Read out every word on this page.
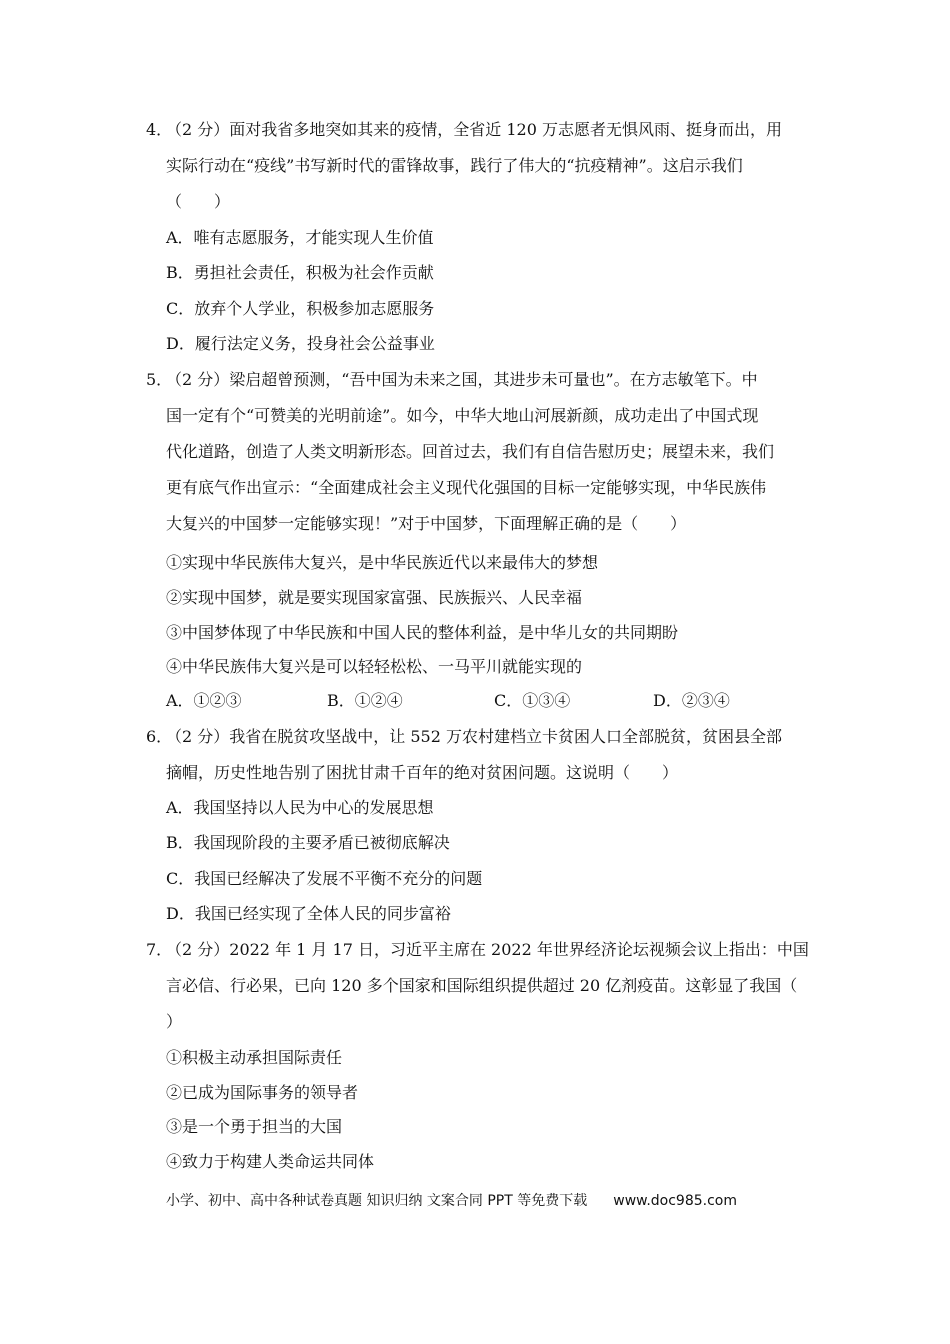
4．
（2 分）面对我省多地突如其来的疫情，全省近 120 万志愿者无惧风雨、挺身而出，用
实际行动在“疫线”书写新时代的雷锋故事，践行了伟大的“抗疫精神”。这启示我们
（　　）
A．唯有志愿服务，才能实现人生价值
B．勇担社会责任，积极为社会作贡献
C．放弃个人学业，积极参加志愿服务
D．履行法定义务，投身社会公益事业
5．
（2 分）梁启超曾预测，“吾中国为未来之国，其进步未可量也”。在方志敏笔下。中
国一定有个“可赞美的光明前途”。如今，中华大地山河展新颜，成功走出了中国式现
代化道路，创造了人类文明新形态。回首过去，我们有自信告慰历史；展望未来，我们
更有底气作出宣示：“全面建成社会主义现代化强国的目标一定能够实现，中华民族伟
大复兴的中国梦一定能够实现！”对于中国梦，下面理解正确的是（　　）
①实现中华民族伟大复兴，是中华民族近代以来最伟大的梦想
②实现中国梦，就是要实现国家富强、民族振兴、人民幸福
③中国梦体现了中华民族和中国人民的整体利益，是中华儿女的共同期盼
④中华民族伟大复兴是可以轻轻松松、一马平川就能实现的
A．①②③	B．①②④	C．①③④	D．②③④
6．
（2 分）我省在脱贫攻坚战中，让 552 万农村建档立卡贫困人口全部脱贫，贫困县全部
摘帽，历史性地告别了困扰甘肃千百年的绝对贫困问题。这说明（　　）
A．我国坚持以人民为中心的发展思想
B．我国现阶段的主要矛盾已被彻底解决
C．我国已经解决了发展不平衡不充分的问题
D．我国已经实现了全体人民的同步富裕
7．
（2 分）2022 年 1 月 17 日，习近平主席在 2022 年世界经济论坛视频会议上指出：中国
言必信、行必果，已向 120 多个国家和国际组织提供超过 20 亿剂疫苗。这彰显了我国（
）
①积极主动承担国际责任
②已成为国际事务的领导者
③是一个勇于担当的大国
④致力于构建人类命运共同体
小学、初中、高中各种试卷真题 知识归纳 文案合同 PPT 等免费下载 www.doc985.com
